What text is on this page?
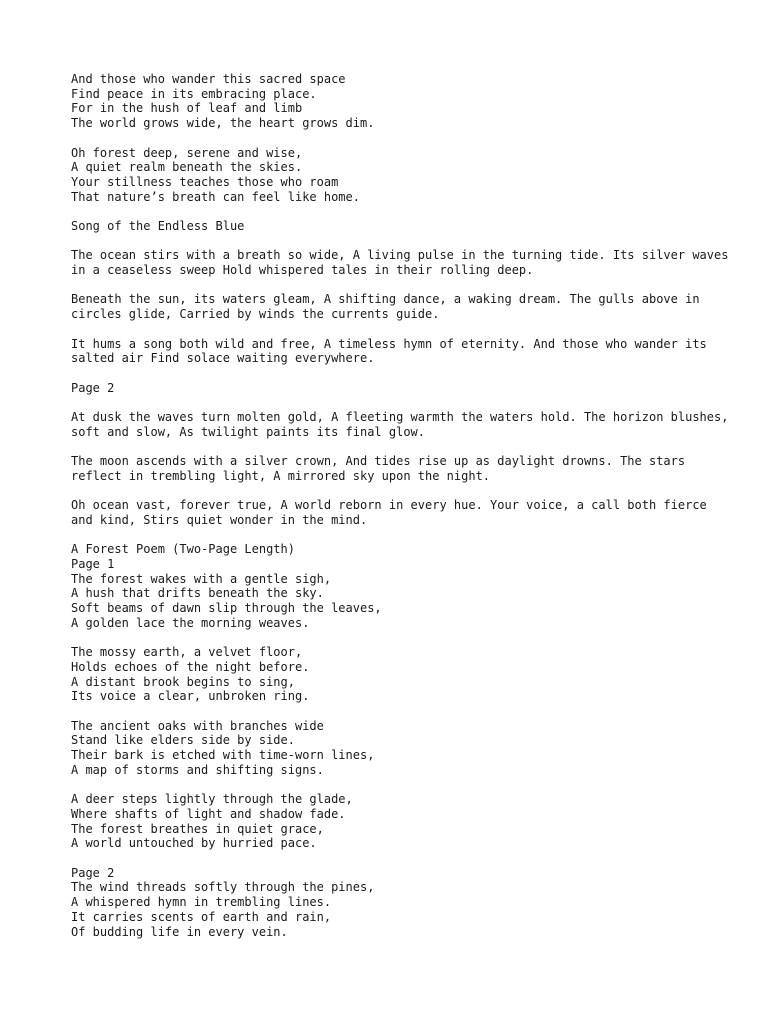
And those who wander this sacred space
Find peace in its embracing place.
For in the hush of leaf and limb
The world grows wide, the heart grows dim.
Oh forest deep, serene and wise,
A quiet realm beneath the skies.
Your stillness teaches those who roam
That nature’s breath can feel like home.
Song of the Endless Blue
The ocean stirs with a breath so wide, A living pulse in the turning tide. Its silver waves in a ceaseless sweep Hold whispered tales in their rolling deep.
Beneath the sun, its waters gleam, A shifting dance, a waking dream. The gulls above in circles glide, Carried by winds the currents guide.
It hums a song both wild and free, A timeless hymn of eternity. And those who wander its salted air Find solace waiting everywhere.
Page 2
At dusk the waves turn molten gold, A fleeting warmth the waters hold. The horizon blushes, soft and slow, As twilight paints its final glow.
The moon ascends with a silver crown, And tides rise up as daylight drowns. The stars reflect in trembling light, A mirrored sky upon the night.
Oh ocean vast, forever true, A world reborn in every hue. Your voice, a call both fierce and kind, Stirs quiet wonder in the mind.
A Forest Poem (Two-Page Length)
Page 1
The forest wakes with a gentle sigh,
A hush that drifts beneath the sky.
Soft beams of dawn slip through the leaves,
A golden lace the morning weaves.
The mossy earth, a velvet floor,
Holds echoes of the night before.
A distant brook begins to sing,
Its voice a clear, unbroken ring.
The ancient oaks with branches wide
Stand like elders side by side.
Their bark is etched with time-worn lines,
A map of storms and shifting signs.
A deer steps lightly through the glade,
Where shafts of light and shadow fade.
The forest breathes in quiet grace,
A world untouched by hurried pace.
Page 2
The wind threads softly through the pines,
A whispered hymn in trembling lines.
It carries scents of earth and rain,
Of budding life in every vein.
